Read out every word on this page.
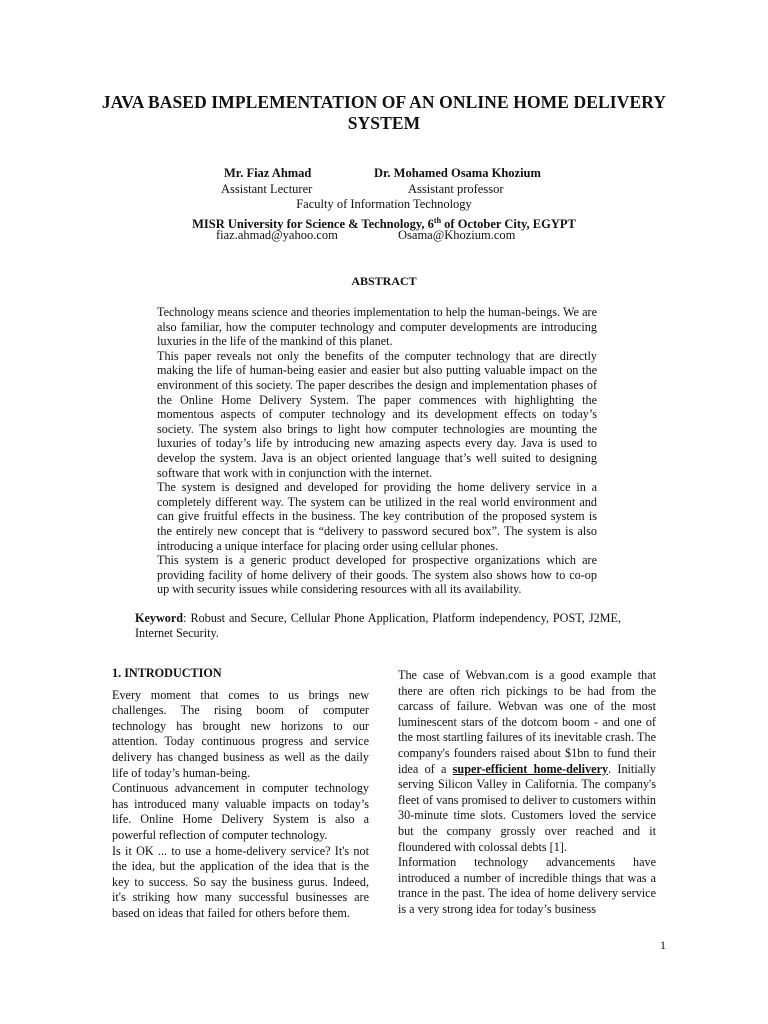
JAVA BASED IMPLEMENTATION OF AN ONLINE HOME DELIVERY SYSTEM
Mr. Fiaz Ahmad	Dr. Mohamed Osama Khozium
Assistant Lecturer	Assistant professor
Faculty of Information Technology
MISR University for Science & Technology, 6th of October City, EGYPT
fiaz.ahmad@yahoo.com	Osama@Khozium.com
ABSTRACT

Technology means science and theories implementation to help the human-beings. We are also familiar, how the computer technology and computer developments are introducing luxuries in the life of the mankind of this planet.

This paper reveals not only the benefits of the computer technology that are directly making the life of human-being easier and easier but also putting valuable impact on the environment of this society. The paper describes the design and implementation phases of the Online Home Delivery System. The paper commences with highlighting the momentous aspects of computer technology and its development effects on today’s society. The system also brings to light how computer technologies are mounting the luxuries of today’s life by introducing new amazing aspects every day. Java is used to develop the system. Java is an object oriented language that’s well suited to designing software that work with in conjunction with the internet.

The system is designed and developed for providing the home delivery service in a completely different way. The system can be utilized in the real world environment and can give fruitful effects in the business. The key contribution of the proposed system is the entirely new concept that is “delivery to password secured box”. The system is also introducing a unique interface for placing order using cellular phones.

This system is a generic product developed for prospective organizations which are providing facility of home delivery of their goods. The system also shows how to co-op up with security issues while considering resources with all its availability.

Keyword: Robust and Secure, Cellular Phone Application, Platform independency, POST, J2ME, Internet Security.
1. INTRODUCTION

Every moment that comes to us brings new challenges. The rising boom of computer technology has brought new horizons to our attention. Today continuous progress and service delivery has changed business as well as the daily life of today’s human-being.

Continuous advancement in computer technology has introduced many valuable impacts on today’s life. Online Home Delivery System is also a powerful reflection of computer technology.

Is it OK ... to use a home-delivery service? It's not the idea, but the application of the idea that is the key to success. So say the business gurus. Indeed, it's striking how many successful businesses are based on ideas that failed for others before them.

The case of Webvan.com is a good example that there are often rich pickings to be had from the carcass of failure. Webvan was one of the most luminescent stars of the dotcom boom - and one of the most startling failures of its inevitable crash. The company's founders raised about $1bn to fund their idea of a super-efficient home-delivery. Initially serving Silicon Valley in California. The company's fleet of vans promised to deliver to customers within 30-minute time slots. Customers loved the service but the company grossly over reached and it floundered with colossal debts [1].

Information technology advancements have introduced a number of incredible things that was a trance in the past. The idea of home delivery service is a very strong idea for today’s business

1
